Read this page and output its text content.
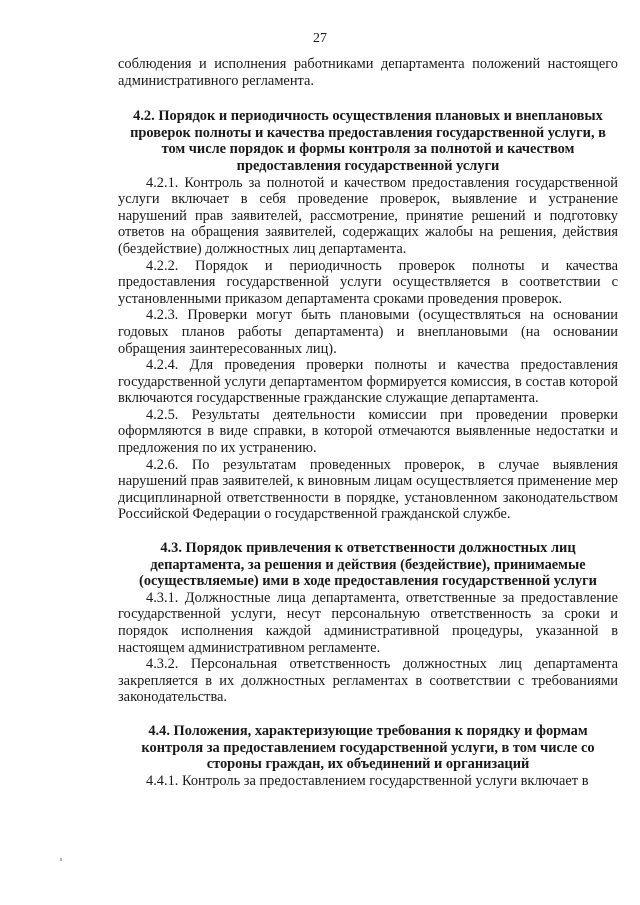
27

соблюдения и исполнения работниками департамента положений настоящего административного регламента.

4.2. Порядок и периодичность осуществления плановых и внеплановых проверок полноты и качества предоставления государственной услуги, в том числе порядок и формы контроля за полнотой и качеством предоставления государственной услуги

4.2.1. Контроль за полнотой и качеством предоставления государственной услуги включает в себя проведение проверок, выявление и устранение нарушений прав заявителей, рассмотрение, принятие решений и подготовку ответов на обращения заявителей, содержащих жалобы на решения, действия (бездействие) должностных лиц департамента.

4.2.2. Порядок и периодичность проверок полноты и качества предоставления государственной услуги осуществляется в соответствии с установленными приказом департамента сроками проведения проверок.

4.2.3. Проверки могут быть плановыми (осуществляться на основании годовых планов работы департамента) и внеплановыми (на основании обращения заинтересованных лиц).

4.2.4. Для проведения проверки полноты и качества предоставления государственной услуги департаментом формируется комиссия, в состав которой включаются государственные гражданские служащие департамента.

4.2.5. Результаты деятельности комиссии при проведении проверки оформляются в виде справки, в которой отмечаются выявленные недостатки и предложения по их устранению.

4.2.6. По результатам проведенных проверок, в случае выявления нарушений прав заявителей, к виновным лицам осуществляется применение мер дисциплинарной ответственности в порядке, установленном законодательством Российской Федерации о государственной гражданской службе.

4.3. Порядок привлечения к ответственности должностных лиц департамента, за решения и действия (бездействие), принимаемые (осуществляемые) ими в ходе предоставления государственной услуги

4.3.1. Должностные лица департамента, ответственные за предоставление государственной услуги, несут персональную ответственность за сроки и порядок исполнения каждой административной процедуры, указанной в настоящем административном регламенте.

4.3.2. Персональная ответственность должностных лиц департамента закрепляется в их должностных регламентах в соответствии с требованиями законодательства.

4.4. Положения, характеризующие требования к порядку и формам контроля за предоставлением государственной услуги, в том числе со стороны граждан, их объединений и организаций

4.4.1. Контроль за предоставлением государственной услуги включает в
